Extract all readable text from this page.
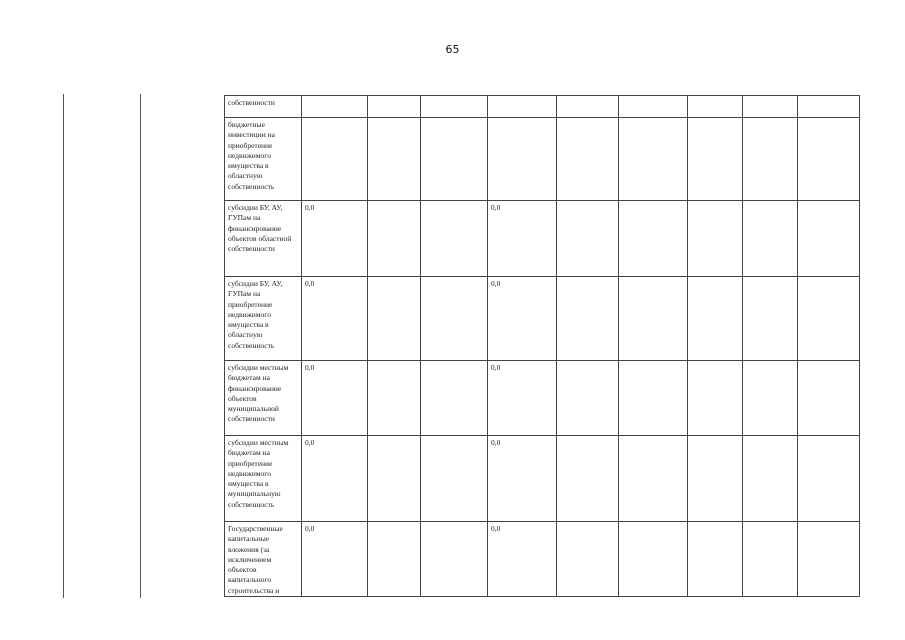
65
собственности									
бюджетные инвестиции на приобретение недвижимого имущества в областную собственность									
субсидии БУ, АУ, ГУПам на финансирование объектов областной собственности	0,0			0,0					
субсидии БУ, АУ, ГУПам на приобретение недвижимого имущества в областную собственность	0,0			0,0					
субсидии местным бюджетам на финансирование объектов муниципальной собственности	0,0			0,0					
субсидии местным бюджетам на приобретение недвижимого имущества в муниципальную собственность	0,0			0,0					
Государственные капитальные вложения (за исключением объектов капитального строительства и	0,0			0,0					
